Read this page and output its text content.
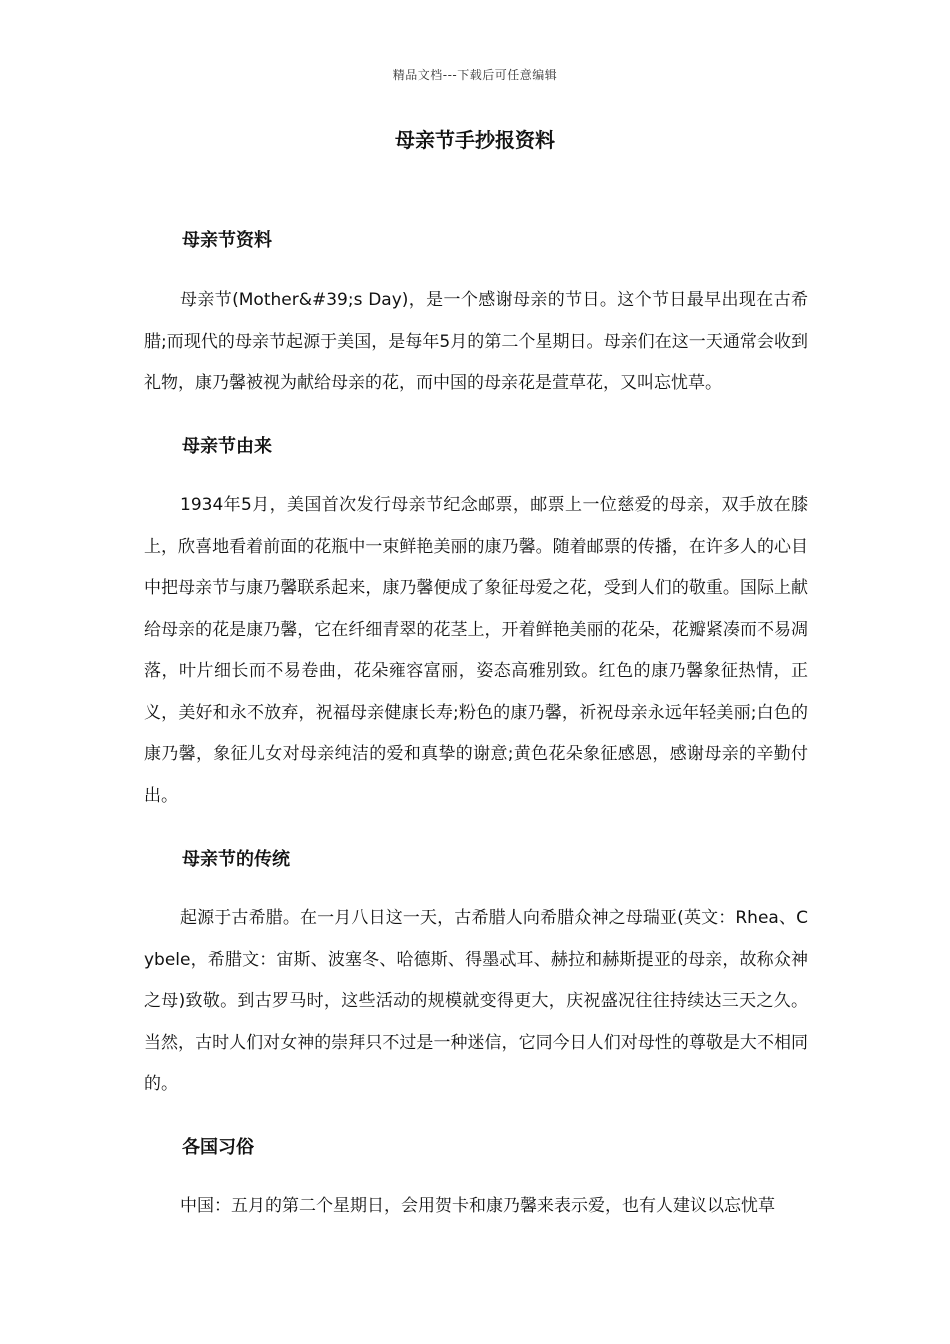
精品文档---下载后可任意编辑
母亲节手抄报资料
母亲节资料
母亲节(Mother&#39;s Day)，是一个感谢母亲的节日。这个节日最早出现在古希腊;而现代的母亲节起源于美国，是每年5月的第二个星期日。母亲们在这一天通常会收到礼物，康乃馨被视为献给母亲的花，而中国的母亲花是萱草花，又叫忘忧草。
母亲节由来
1934年5月，美国首次发行母亲节纪念邮票，邮票上一位慈爱的母亲，双手放在膝上，欣喜地看着前面的花瓶中一束鲜艳美丽的康乃馨。随着邮票的传播，在许多人的心目中把母亲节与康乃馨联系起来，康乃馨便成了象征母爱之花，受到人们的敬重。国际上献给母亲的花是康乃馨，它在纤细青翠的花茎上，开着鲜艳美丽的花朵，花瓣紧凑而不易凋落，叶片细长而不易卷曲，花朵雍容富丽，姿态高雅别致。红色的康乃馨象征热情，正义，美好和永不放弃，祝福母亲健康长寿;粉色的康乃馨，祈祝母亲永远年轻美丽;白色的康乃馨，象征儿女对母亲纯洁的爱和真挚的谢意;黄色花朵象征感恩，感谢母亲的辛勤付出。
母亲节的传统
起源于古希腊。在一月八日这一天，古希腊人向希腊众神之母瑞亚(英文：Rhea、Cybele，希腊文：宙斯、波塞冬、哈德斯、得墨忒耳、赫拉和赫斯提亚的母亲，故称众神之母)致敬。到古罗马时，这些活动的规模就变得更大，庆祝盛况往往持续达三天之久。当然，古时人们对女神的崇拜只不过是一种迷信，它同今日人们对母性的尊敬是大不相同的。
各国习俗
中国：五月的第二个星期日，会用贺卡和康乃馨来表示爱，也有人建议以忘忧草
